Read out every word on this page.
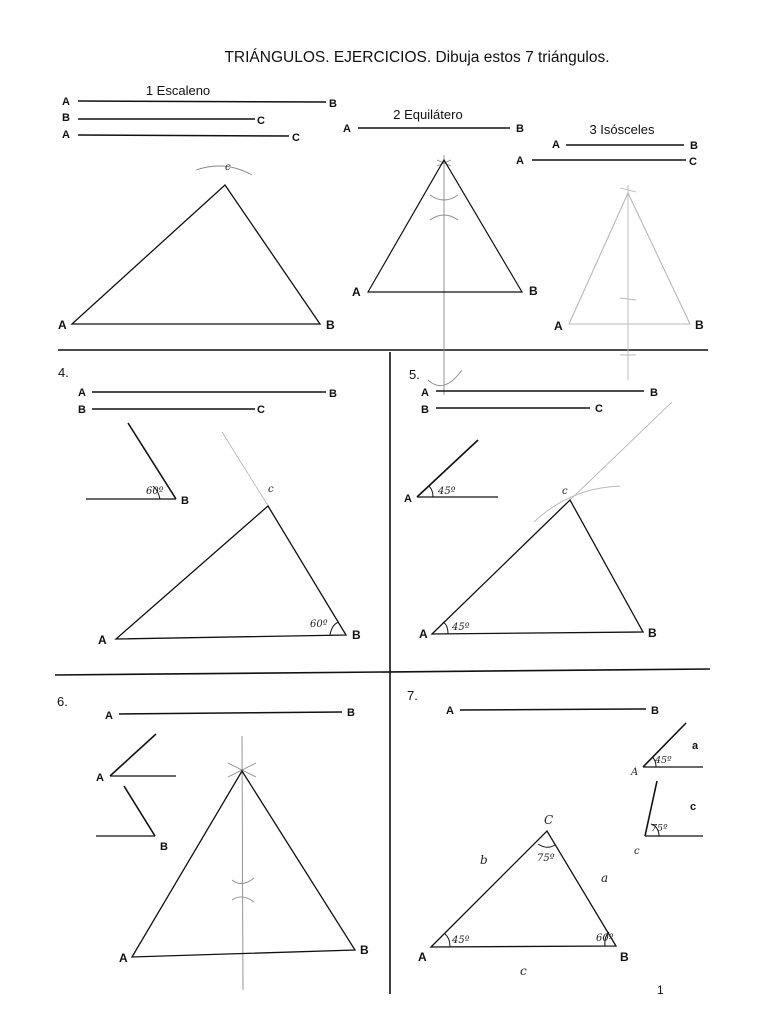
TRIÁNGULOS. EJERCICIOS. Dibuja estos 7 triángulos.
1 Escaleno
A	B
B	C
A	C
c
A	B
2 Equilátero
A	B
A	B
3 Isósceles
A	B
A	C
A	B
4.
A	B
B	C
60º
B
60º
c
A	B
5.
A	B
B	C
45º
A
45º
c
A	B
6.
A	B
A
B
A
B
7.
A	B
45º
A
a
75º
c
c
45º
75º
60º
C
A	B
b
a
c
1
